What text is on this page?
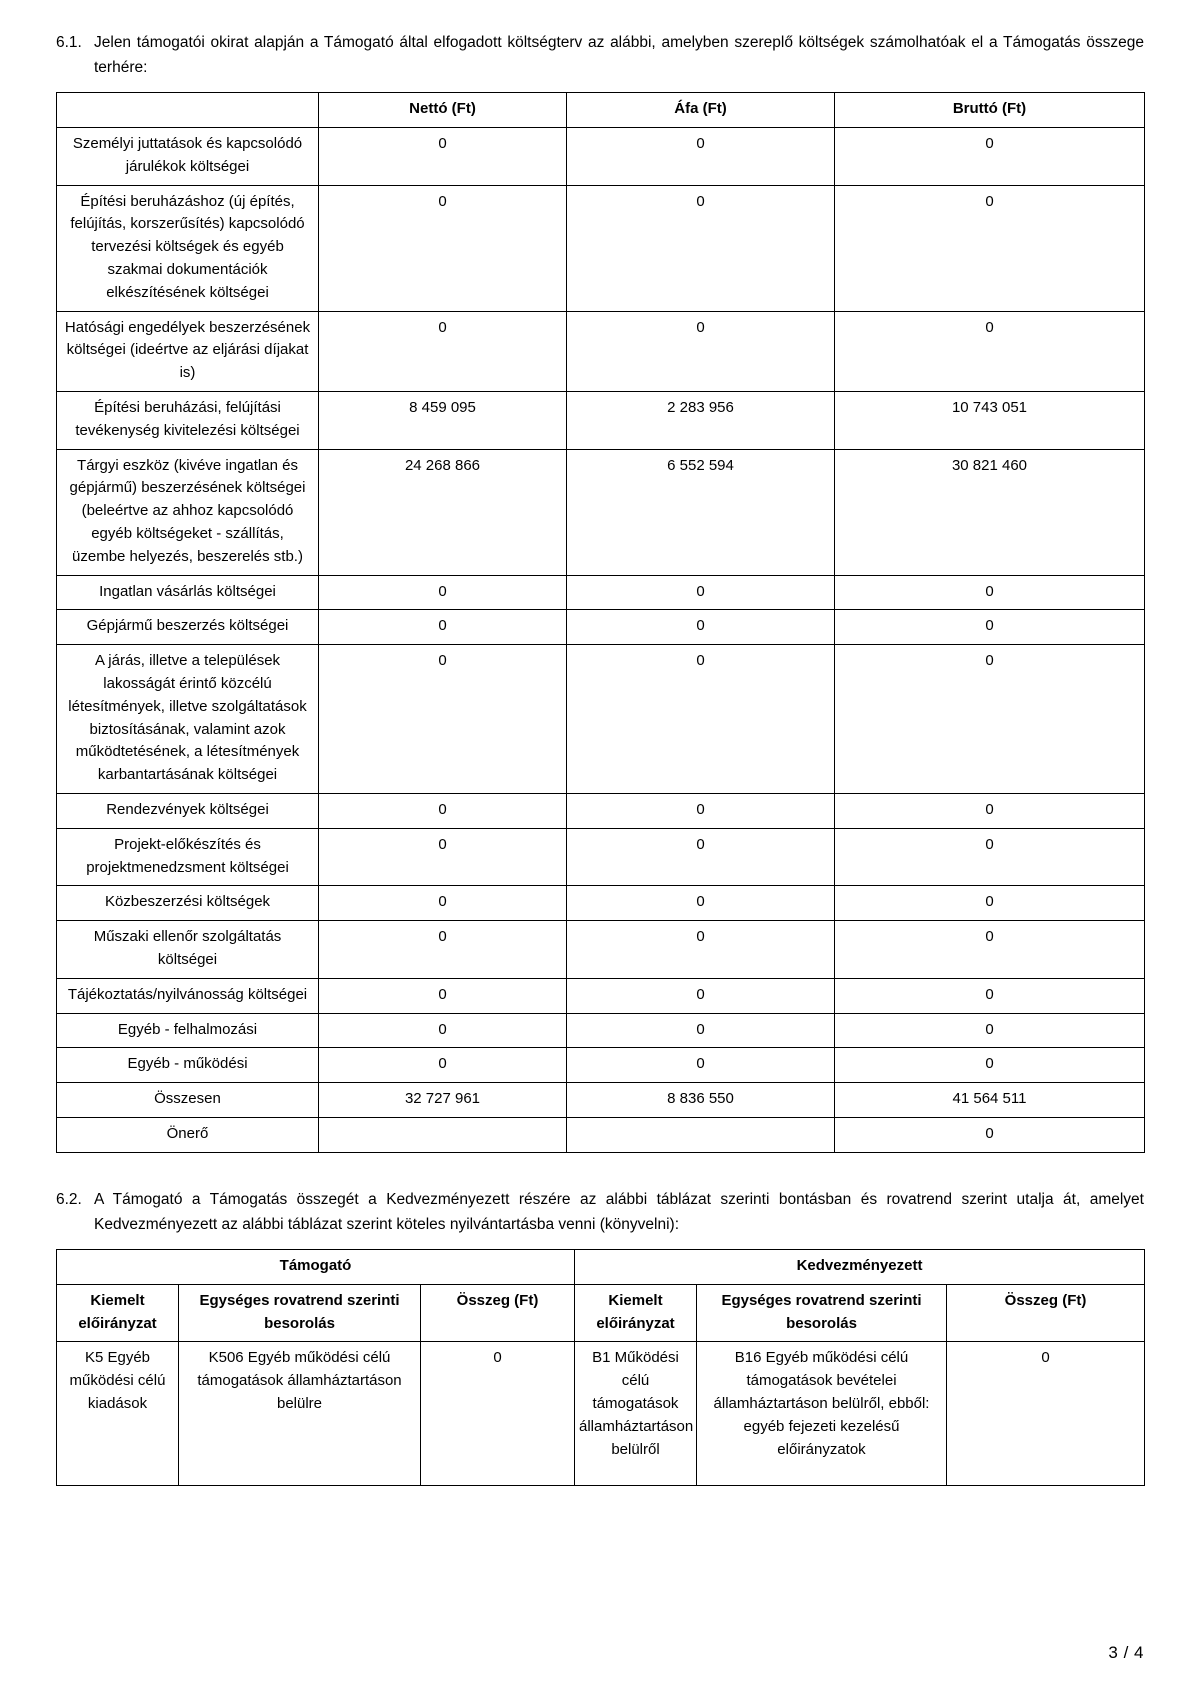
6.1. Jelen támogatói okirat alapján a Támogató által elfogadott költségterv az alábbi, amelyben szereplő költségek számolhatóak el a Támogatás összege terhére:
	Nettó (Ft)	Áfa (Ft)	Bruttó (Ft)
Személyi juttatások és kapcsolódó járulékok költségei	0	0	0
Építési beruházáshoz (új építés, felújítás, korszerűsítés) kapcsolódó tervezési költségek és egyéb szakmai dokumentációk elkészítésének költségei	0	0	0
Hatósági engedélyek beszerzésének költségei (ideértve az eljárási díjakat is)	0	0	0
Építési beruházási, felújítási tevékenység kivitelezési költségei	8 459 095	2 283 956	10 743 051
Tárgyi eszköz (kivéve ingatlan és gépjármű) beszerzésének költségei (beleértve az ahhoz kapcsolódó egyéb költségeket - szállítás, üzembe helyezés, beszerelés stb.)	24 268 866	6 552 594	30 821 460
Ingatlan vásárlás költségei	0	0	0
Gépjármű beszerzés költségei	0	0	0
A járás, illetve a települések lakosságát érintő közcélú létesítmények, illetve szolgáltatások biztosításának, valamint azok működtetésének, a létesítmények karbantartásának költségei	0	0	0
Rendezvények költségei	0	0	0
Projekt-előkészítés és projektmenedzsment költségei	0	0	0
Közbeszerzési költségek	0	0	0
Műszaki ellenőr szolgáltatás költségei	0	0	0
Tájékoztatás/nyilvánosság költségei	0	0	0
Egyéb - felhalmozási	0	0	0
Egyéb - működési	0	0	0
Összesen	32 727 961	8 836 550	41 564 511
Önerő			0
6.2. A Támogató a Támogatás összegét a Kedvezményezett részére az alábbi táblázat szerinti bontásban és rovatrend szerint utalja át, amelyet Kedvezményezett az alábbi táblázat szerint köteles nyilvántartásba venni (könyvelni):
Támogató			Kedvezményezett		
Kiemelt előirányzat	Egységes rovatrend szerinti besorolás	Összeg (Ft)	Kiemelt előirányzat	Egységes rovatrend szerinti besorolás	Összeg (Ft)
K5 Egyéb működési célú kiadások	K506 Egyéb működési célú támogatások államháztartáson belülre	0	B1 Működési célú támogatások államháztartáson belülről	B16 Egyéb működési célú támogatások bevételei államháztartáson belülről, ebből: egyéb fejezeti kezelésű előirányzatok	0
3 / 4
